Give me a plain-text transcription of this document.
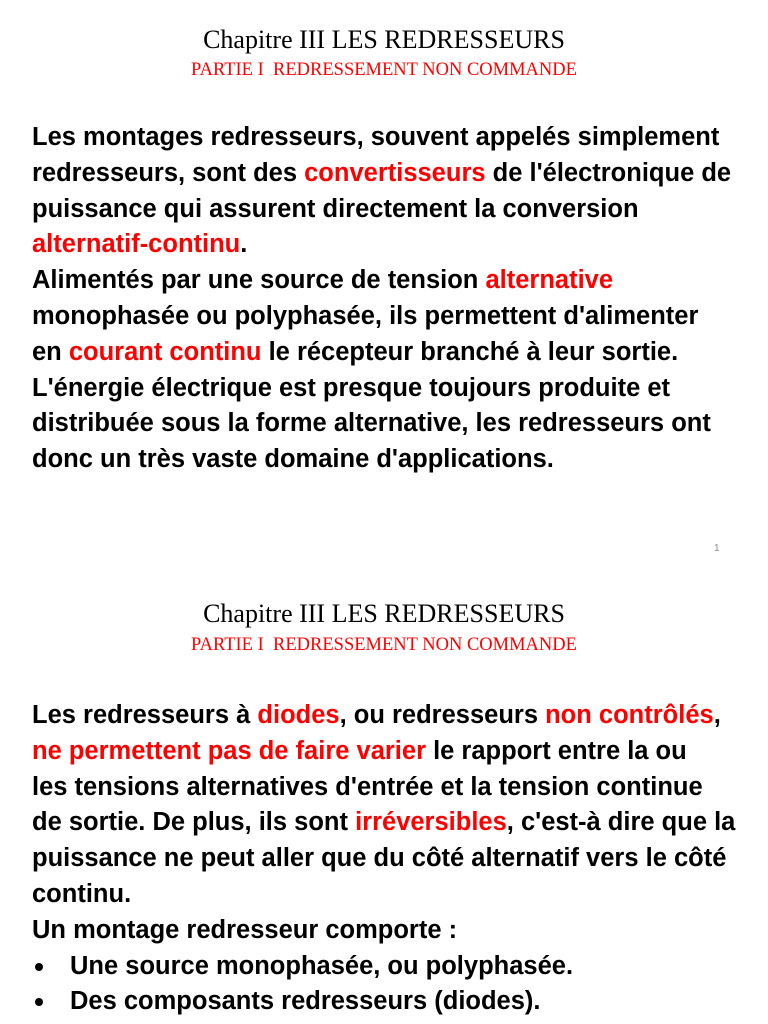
Chapitre III LES REDRESSEURS
PARTIE I  REDRESSEMENT NON COMMANDE
Les montages redresseurs, souvent appelés simplement
redresseurs, sont des convertisseurs de l'électronique de
puissance qui assurent directement la conversion
alternatif-continu.
Alimentés par une source de tension alternative
monophasée ou polyphasée, ils permettent d'alimenter
en courant continu le récepteur branché à leur sortie.
L'énergie électrique est presque toujours produite et
distribuée sous la forme alternative, les redresseurs ont
donc un très vaste domaine d'applications.
1
Chapitre III LES REDRESSEURS
PARTIE I  REDRESSEMENT NON COMMANDE
Les redresseurs à diodes, ou redresseurs non contrôlés,
ne permettent pas de faire varier le rapport entre la ou
les tensions alternatives d'entrée et la tension continue
de sortie. De plus, ils sont irréversibles, c'est-à dire que la
puissance ne peut aller que du côté alternatif vers le côté
continu.
Un montage redresseur comporte :
Une source monophasée, ou polyphasée.
Des composants redresseurs (diodes).
